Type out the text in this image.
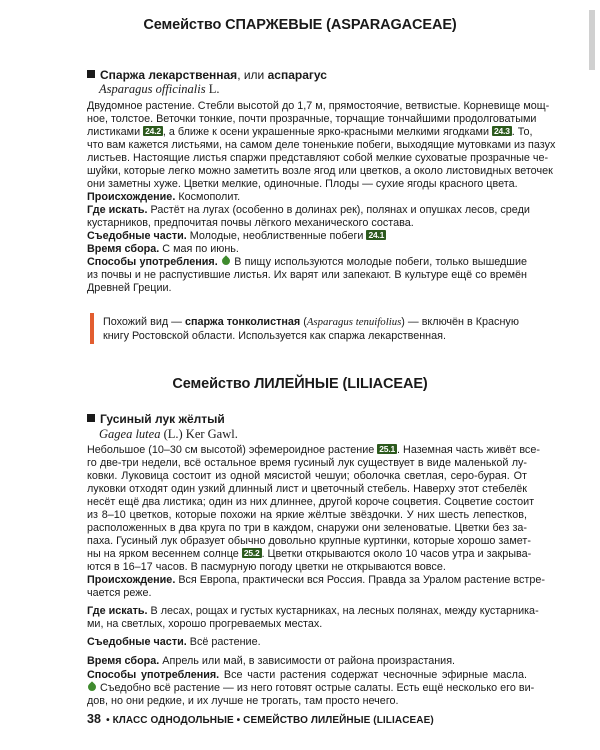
Семейство СПАРЖЕВЫЕ (ASPARAGACEAE)
Спаржа лекарственная, или аспарагус
Asparagus officinalis L.
Двудомное растение. Стебли высотой до 1,7 м, прямостоячие, ветвистые. Корневище мощ-
ное, толстое. Веточки тонкие, почти прозрачные, торчащие тончайшими продолговатыми
листиками 24.2 , а ближе к осени украшенные ярко-красными мелкими ягодками 24.3 . То,
что вам кажется листьями, на самом деле тоненькие побеги, выходящие мутовками из пазух
листьев. Настоящие листья спаржи представляют собой мелкие суховатые прозрачные че-
шуйки, которые легко можно заметить возле ягод или цветков, а около листовидных веточек
они заметны хуже. Цветки мелкие, одиночные. Плоды — сухие ягоды красного цвета.
Происхождение. Космополит.
Где искать. Растёт на лугах (особенно в долинах рек), полянах и опушках лесов, среди
кустарников, предпочитая почвы лёгкого механического состава.
Съедобные части. Молодые, необлиственные побеги 24.1
Время сбора. С мая по июнь.
Способы употребления.  В пищу используются молодые побеги, только вышедшие
из почвы и не распустившие листья. Их варят или запекают. В культуре ещё со времён
Древней Греции.
Похожий вид — спаржа тонколистная (Asparagus tenuifolius) — включён в Красную
книгу Ростовской области. Используется как спаржа лекарственная.
Семейство ЛИЛЕЙНЫЕ (LILIACEAE)
Гусиный лук жёлтый
Gagea lutea (L.) Ker Gawl.
Небольшое (10–30 см высотой) эфемероидное растение 25.1 . Наземная часть живёт все-
го две-три недели, всё остальное время гусиный лук существует в виде маленькой лу-
ковки. Луковица состоит из одной мясистой чешуи; оболочка светлая, серо-бурая. От
луковки отходят один узкий длинный лист и цветочный стебель. Наверху этот стебелёк
несёт ещё два листика; один из них длиннее, другой короче соцветия. Соцветие состоит
из 8–10 цветков, которые похожи на яркие жёлтые звёздочки. У них шесть лепестков,
расположенных в два круга по три в каждом, снаружи они зеленоватые. Цветки без за-
паха. Гусиный лук образует обычно довольно крупные куртинки, которые хорошо замет-
ны на ярком весеннем солнце 25.2 . Цветки открываются около 10 часов утра и закрыва-
ются в 16–17 часов. В пасмурную погоду цветки не открываются вовсе.
Происхождение. Вся Европа, практически вся Россия. Правда за Уралом растение встре-
чается реже.
Где искать. В лесах, рощах и густых кустарниках, на лесных полянах, между кустарника-
ми, на светлых, хорошо прогреваемых местах.
Съедобные части. Всё растение.
Время сбора. Апрель или май, в зависимости от района произрастания.
Способы употребления. Все части растения содержат чесночные эфирные масла.
Съедобно всё растение — из него готовят острые салаты. Есть ещё несколько его ви-
дов, но они редкие, и их лучше не трогать, там просто нечего.
38 • КЛАСС ОДНОДОЛЬНЫЕ • СЕМЕЙСТВО ЛИЛЕЙНЫЕ (LILIACEAE)
